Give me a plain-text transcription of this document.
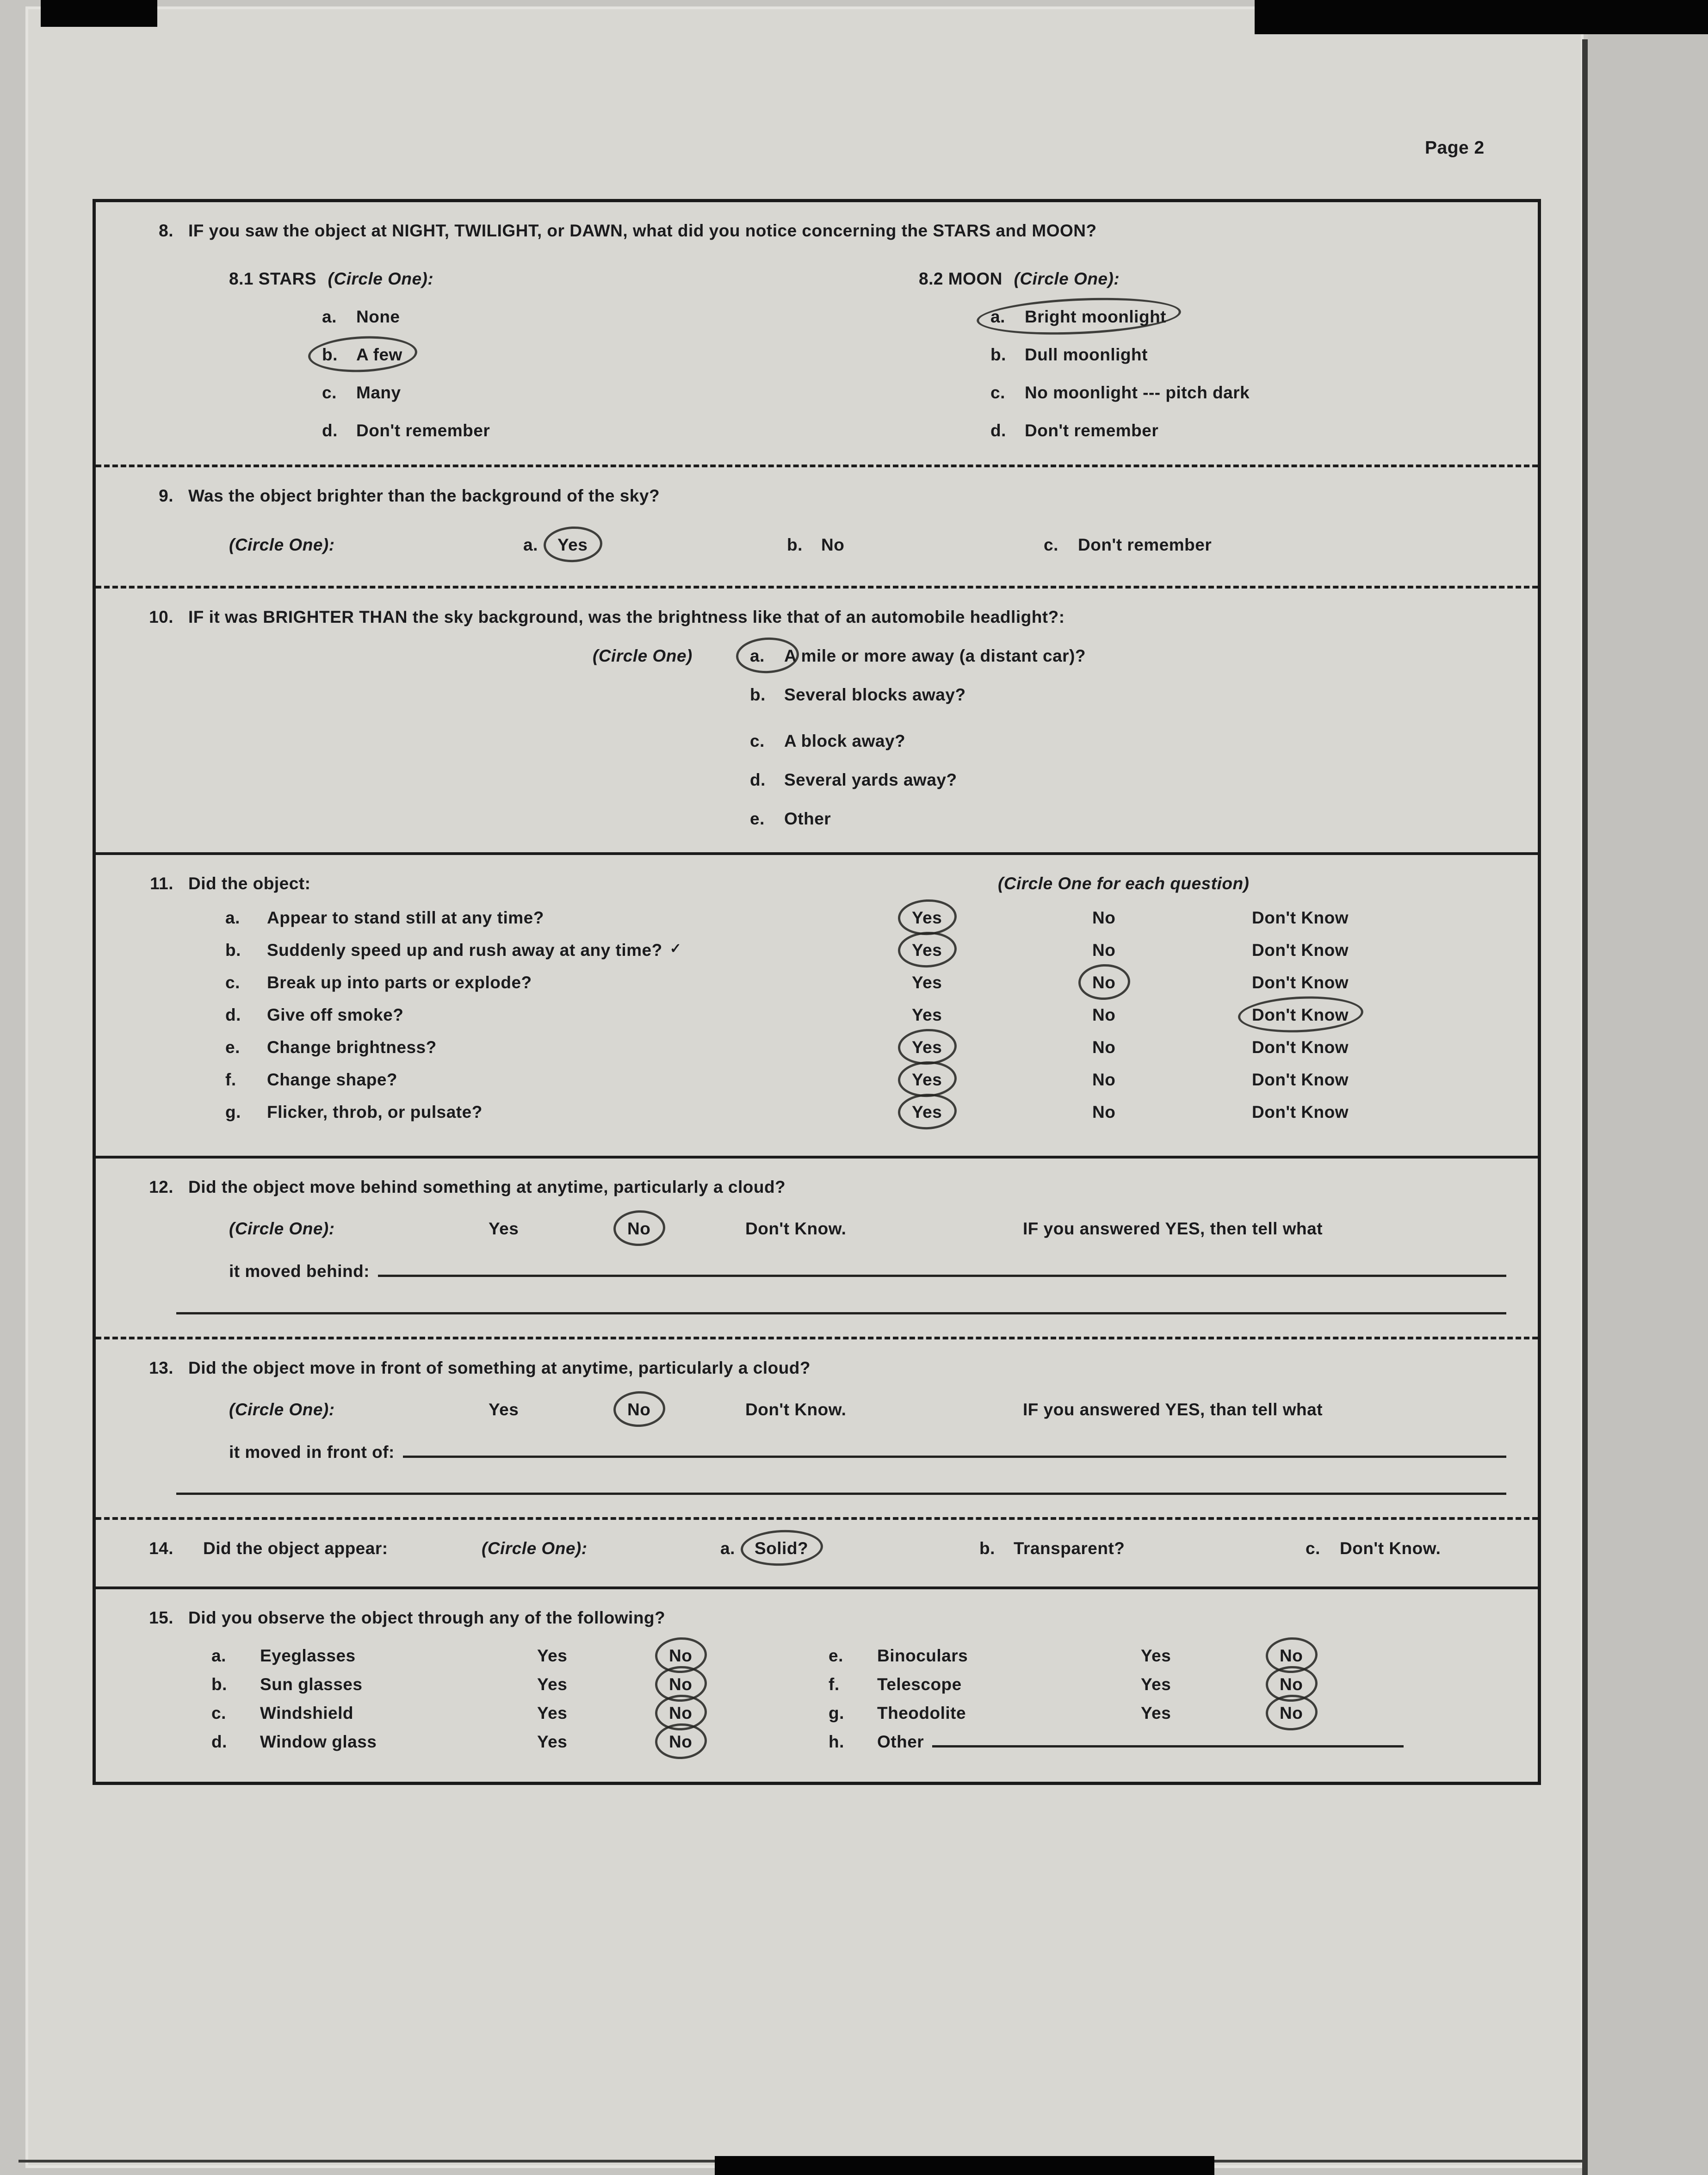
Page 2
8. IF you saw the object at NIGHT, TWILIGHT, or DAWN, what did you notice concerning the STARS and MOON?
8.1 STARS (Circle One):
a. None
b. A few
c. Many
d. Don't remember
8.2 MOON (Circle One):
a. Bright moonlight
b. Dull moonlight
c. No moonlight --- pitch dark
d. Don't remember
9. Was the object brighter than the background of the sky?
(Circle One):	a. Yes	b. No	c. Don't remember
10. IF it was BRIGHTER THAN the sky background, was the brightness like that of an automobile headlight?:
(Circle One)	a. A mile or more away (a distant car)?
b. Several blocks away?
c. A block away?
d. Several yards away?
e. Other
11. Did the object:	(Circle One for each question)
a.	Appear to stand still at any time?	Yes	No	Don't Know
b.	Suddenly speed up and rush away at any time? ✓	Yes	No	Don't Know
c.	Break up into parts or explode?	Yes	No	Don't Know
d.	Give off smoke?	Yes	No	Don't Know
e.	Change brightness?	Yes	No	Don't Know
f.	Change shape?	Yes	No	Don't Know
g.	Flicker, throb, or pulsate?	Yes	No	Don't Know
12. Did the object move behind something at anytime, particularly a cloud?
(Circle One):	Yes	No	Don't Know.	IF you answered YES, then tell what
it moved behind:
13. Did the object move in front of something at anytime, particularly a cloud?
(Circle One):	Yes	No	Don't Know.	IF you answered YES, than tell what
it moved in front of:
14. Did the object appear:	(Circle One):	a. Solid?	b. Transparent?	c. Don't Know.
15. Did you observe the object through any of the following?
a.	Eyeglasses	Yes	No
b.	Sun glasses	Yes	No
c.	Windshield	Yes	No
d.	Window glass	Yes	No
e.	Binoculars	Yes	No
f.	Telescope	Yes	No
g.	Theodolite	Yes	No
h.	Other
